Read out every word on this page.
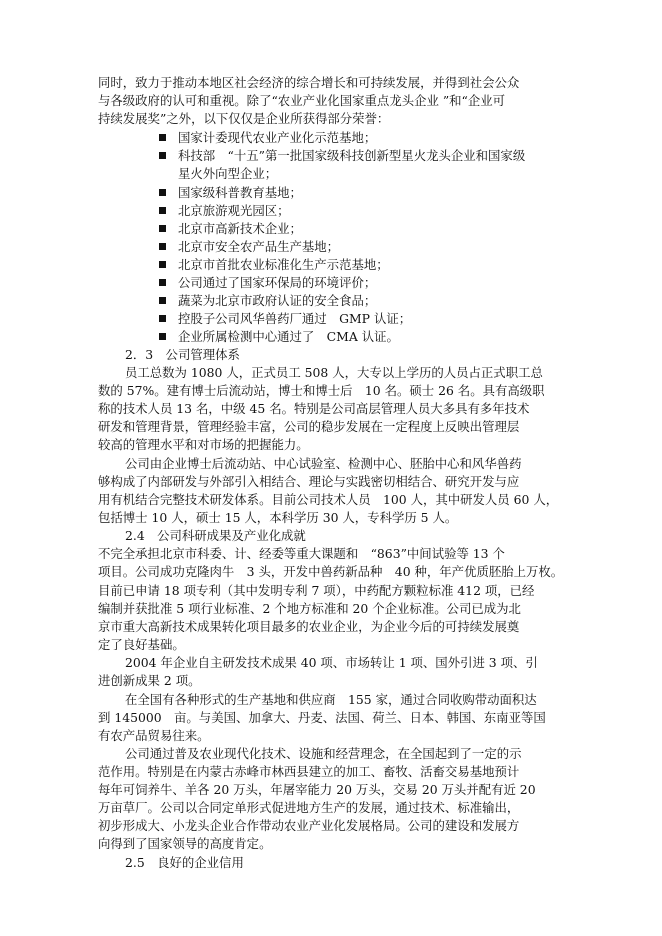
同时，致力于推动本地区社会经济的综合增长和可持续发展，并得到社会公众
与各级政府的认可和重视。除了“农业产业化国家重点龙头企业 ”和“企业可
持续发展奖”之外，以下仅仅是企业所获得部分荣誉：
国家计委现代农业产业化示范基地；
科技部　“十五”第一批国家级科技创新型星火龙头企业和国家级
星火外向型企业；
国家级科普教育基地；
北京旅游观光园区；
北京市高新技术企业；
北京市安全农产品生产基地；
北京市首批农业标准化生产示范基地；
公司通过了国家环保局的环境评价；
蔬菜为北京市政府认证的安全食品；
控股子公司风华兽药厂通过　GMP 认证；
企业所属检测中心通过了　CMA 认证。
2．3　公司管理体系
员工总数为 1080 人，正式员工 508 人，大专以上学历的人员占正式职工总
数的 57%。建有博士后流动站，博士和博士后　10 名。硕士 26 名。具有高级职
称的技术人员 13 名，中级 45 名。特别是公司高层管理人员大多具有多年技术
研发和管理背景，管理经验丰富，公司的稳步发展在一定程度上反映出管理层
较高的管理水平和对市场的把握能力。
公司由企业博士后流动站、中心试验室、检测中心、胚胎中心和风华兽药
够构成了内部研发与外部引入相结合、理论与实践密切相结合、研究开发与应
用有机结合完整技术研发体系。目前公司技术人员　100 人，其中研发人员 60 人，
包括博士 10 人，硕士 15 人，本科学历 30 人，专科学历 5 人。
2.4　公司科研成果及产业化成就
不完全承担北京市科委、计、经委等重大课题和　“863”中间试验等 13 个
项目。公司成功克隆肉牛　3 头，开发中兽药新品种　40 种，年产优质胚胎上万枚。
目前已申请 18 项专利（其中发明专利 7 项），中药配方颗粒标准 412 项，已经
编制并获批准 5 项行业标准、2 个地方标准和 20 个企业标准。公司已成为北
京市重大高新技术成果转化项目最多的农业企业，为企业今后的可持续发展奠
定了良好基础。
2004 年企业自主研发技术成果 40 项、市场转让 1 项、国外引进 3 项、引
进创新成果 2 项。
在全国有各种形式的生产基地和供应商　155 家，通过合同收购带动面积达
到 145000　亩。与美国、加拿大、丹麦、法国、荷兰、日本、韩国、东南亚等国
有农产品贸易往来。
公司通过普及农业现代化技术、设施和经营理念，在全国起到了一定的示
范作用。特别是在内蒙古赤峰市林西县建立的加工、畜牧、活畜交易基地预计
每年可饲养牛、羊各 20 万头，年屠宰能力 20 万头，交易 20 万头并配有近 20
万亩草厂。公司以合同定单形式促进地方生产的发展，通过技术、标准输出，
初步形成大、小龙头企业合作带动农业产业化发展格局。公司的建设和发展方
向得到了国家领导的高度肯定。
2.5　良好的企业信用
